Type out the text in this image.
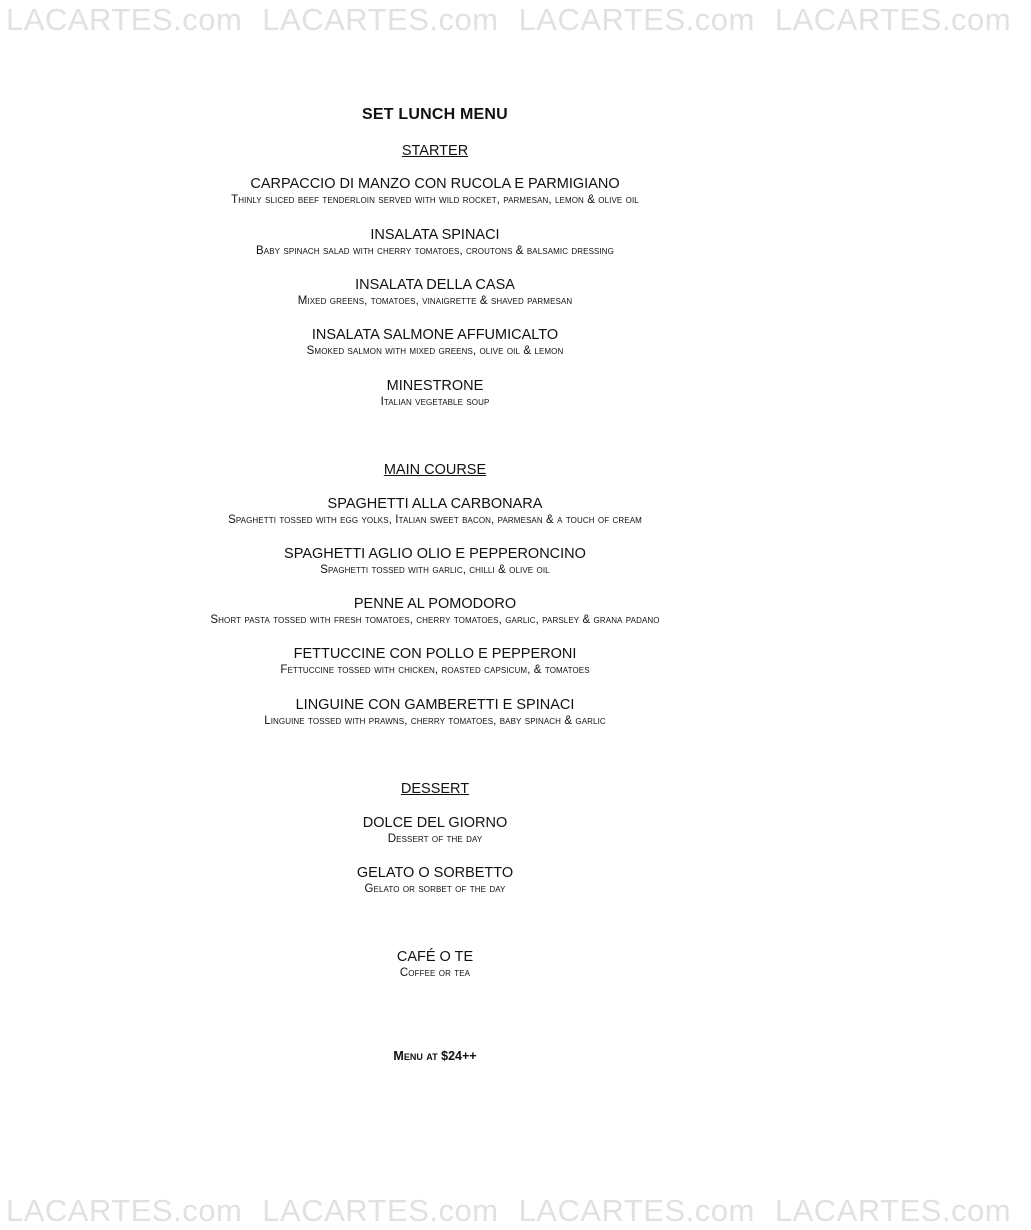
LACARTES.com LACARTES.com LACARTES.com LACARTES.com
LACARTES.com LACARTES.com LACARTES.com LACARTES.com
SET LUNCH MENU

STARTER

CARPACCIO DI MANZO CON RUCOLA E PARMIGIANO

Thinly sliced beef tenderloin served with wild rocket, parmesan, lemon & olive oil

INSALATA SPINACI

Baby spinach salad with cherry tomatoes, croutons & balsamic dressing

INSALATA DELLA CASA

Mixed greens, tomatoes, vinaigrette & shaved parmesan

INSALATA SALMONE AFFUMICALTO

Smoked salmon with mixed greens, olive oil & lemon

MINESTRONE

Italian vegetable soup

MAIN COURSE

SPAGHETTI ALLA CARBONARA

Spaghetti tossed with egg yolks, Italian sweet bacon, parmesan & a touch of cream

SPAGHETTI AGLIO OLIO E PEPPERONCINO

Spaghetti tossed with garlic, chilli & olive oil

PENNE AL POMODORO

Short pasta tossed with fresh tomatoes, cherry tomatoes, garlic, parsley & grana padano

FETTUCCINE CON POLLO E PEPPERONI

Fettuccine tossed with chicken, roasted capsicum, & tomatoes

LINGUINE CON GAMBERETTI E SPINACI

Linguine tossed with prawns, cherry tomatoes, baby spinach & garlic

DESSERT

DOLCE DEL GIORNO

Dessert of the day

GELATO O SORBETTO

Gelato or sorbet of the day

CAFÉ O TE

Coffee or tea

Menu at $24++
